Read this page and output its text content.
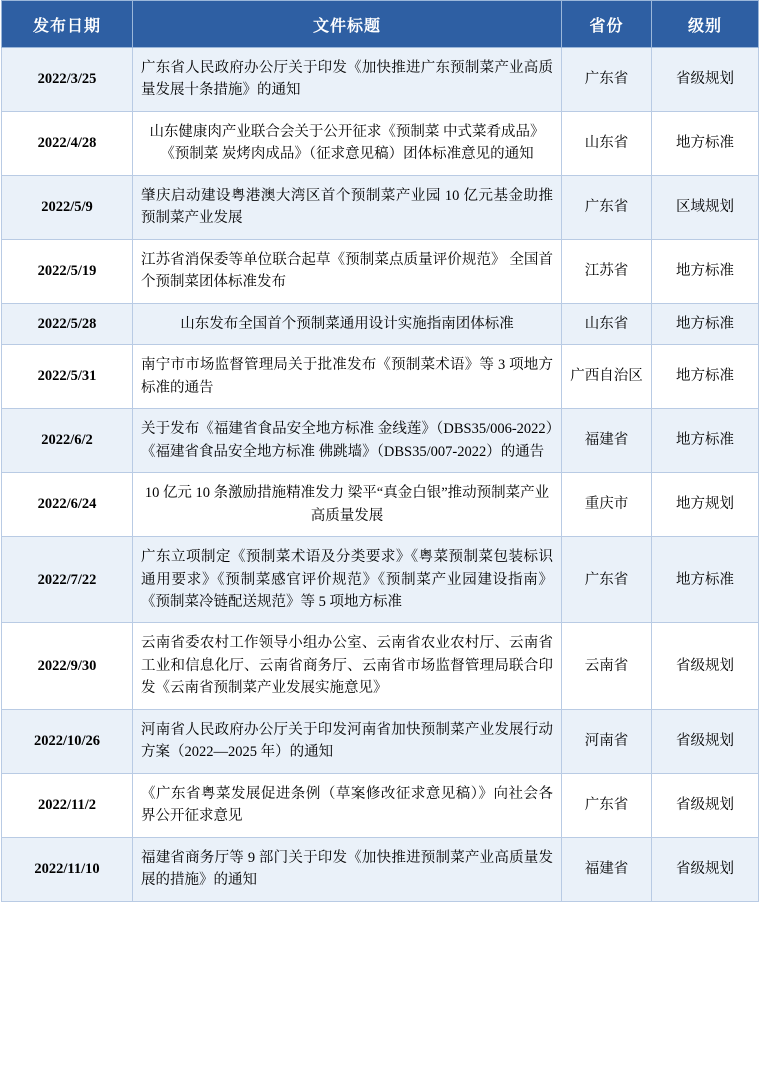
发布日期	文件标题	省份	级别
2022/3/25	广东省人民政府办公厅关于印发《加快推进广东预制菜产业高质量发展十条措施》的通知	广东省	省级规划
2022/4/28	山东健康肉产业联合会关于公开征求《预制菜 中式菜肴成品》《预制菜 炭烤肉成品》（征求意见稿）团体标准意见的通知	山东省	地方标准
2022/5/9	肇庆启动建设粤港澳大湾区首个预制菜产业园 10 亿元基金助推预制菜产业发展	广东省	区域规划
2022/5/19	江苏省消保委等单位联合起草《预制菜点质量评价规范》 全国首个预制菜团体标准发布	江苏省	地方标准
2022/5/28	山东发布全国首个预制菜通用设计实施指南团体标准	山东省	地方标准
2022/5/31	南宁市市场监督管理局关于批准发布《预制菜术语》等 3 项地方标准的通告	广西自治区	地方标准
2022/6/2	关于发布《福建省食品安全地方标准 金线莲》（DBS35/006-2022）《福建省食品安全地方标准 佛跳墙》（DBS35/007-2022）的通告	福建省	地方标准
2022/6/24	10 亿元 10 条激励措施精准发力 梁平“真金白银”推动预制菜产业高质量发展	重庆市	地方规划
2022/7/22	广东立项制定《预制菜术语及分类要求》《粤菜预制菜包装标识通用要求》《预制菜感官评价规范》《预制菜产业园建设指南》《预制菜冷链配送规范》等 5 项地方标准	广东省	地方标准
2022/9/30	云南省委农村工作领导小组办公室、云南省农业农村厅、云南省工业和信息化厅、云南省商务厅、云南省市场监督管理局联合印发《云南省预制菜产业发展实施意见》	云南省	省级规划
2022/10/26	河南省人民政府办公厅关于印发河南省加快预制菜产业发展行动方案（2022—2025 年）的通知	河南省	省级规划
2022/11/2	《广东省粤菜发展促进条例（草案修改征求意见稿）》向社会各界公开征求意见	广东省	省级规划
2022/11/10	福建省商务厅等 9 部门关于印发《加快推进预制菜产业高质量发展的措施》的通知	福建省	省级规划
